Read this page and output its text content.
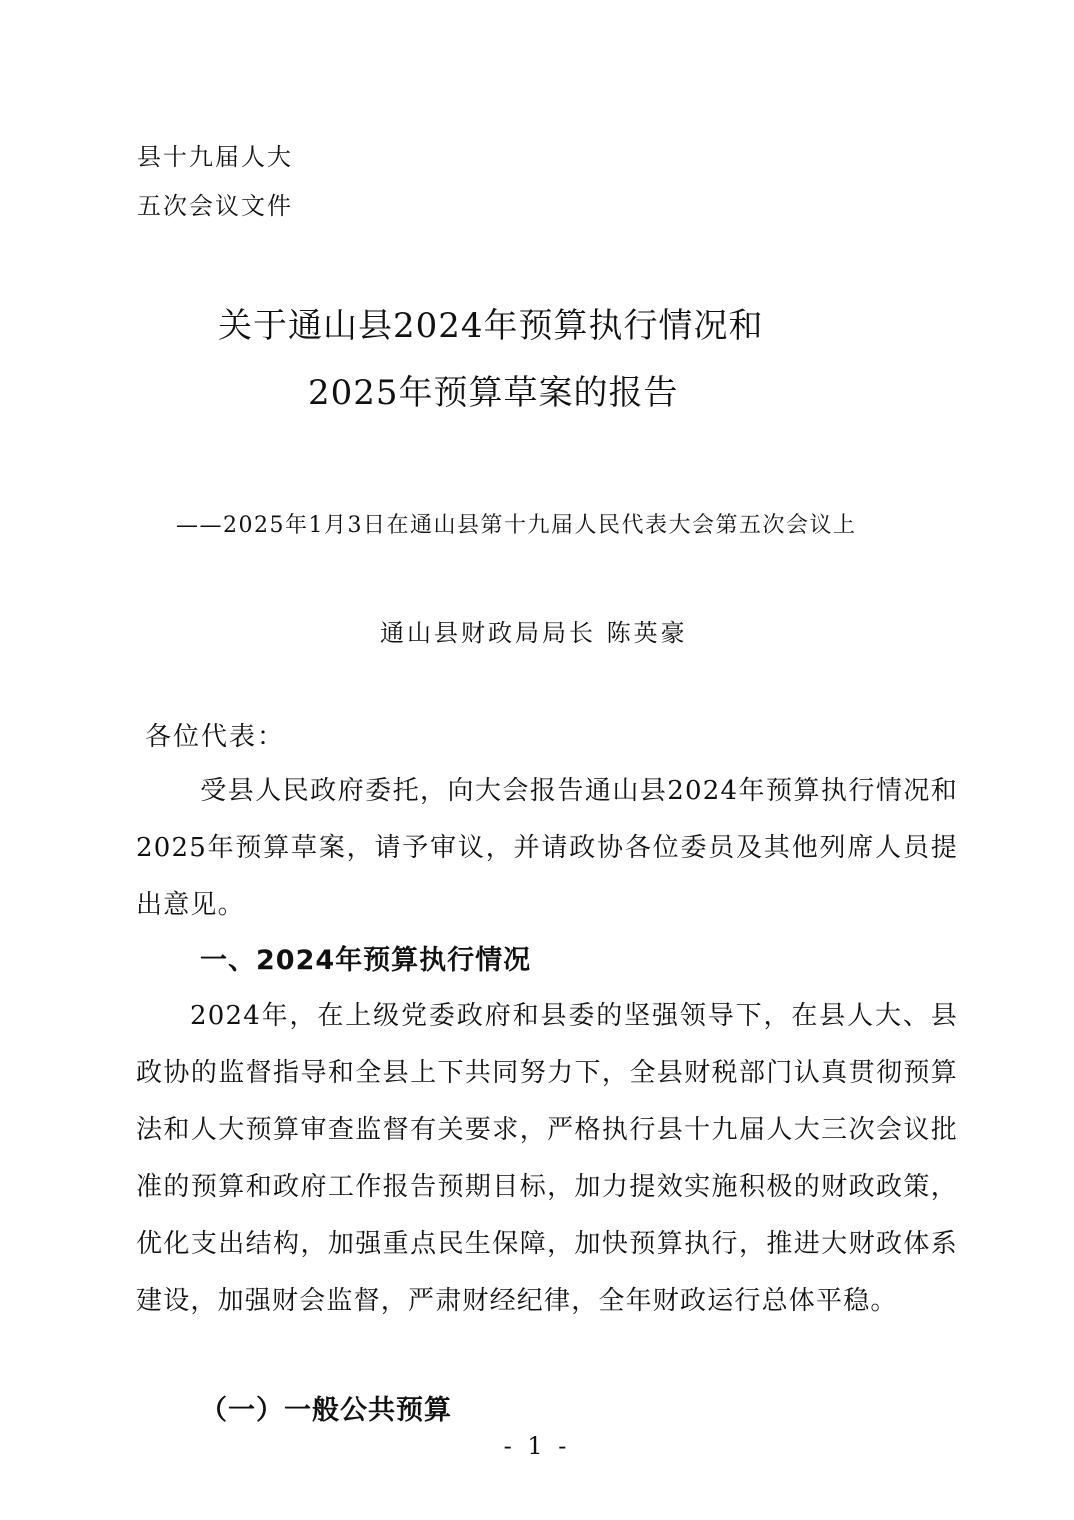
县十九届人大
五次会议文件
关于通山县2024年预算执行情况和
2025年预算草案的报告
——2025年1月3日在通山县第十九届人民代表大会第五次会议上
通山县财政局局长 陈英豪
各位代表：
受县人民政府委托，向大会报告通山县2024年预算执行情况和2025年预算草案，请予审议，并请政协各位委员及其他列席人员提出意见。
一、2024年预算执行情况
2024年，在上级党委政府和县委的坚强领导下，在县人大、县政协的监督指导和全县上下共同努力下，全县财税部门认真贯彻预算法和人大预算审查监督有关要求，严格执行县十九届人大三次会议批准的预算和政府工作报告预期目标，加力提效实施积极的财政政策，优化支出结构，加强重点民生保障，加快预算执行，推进大财政体系建设，加强财会监督，严肃财经纪律，全年财政运行总体平稳。
（一）一般公共预算
- 1 -
